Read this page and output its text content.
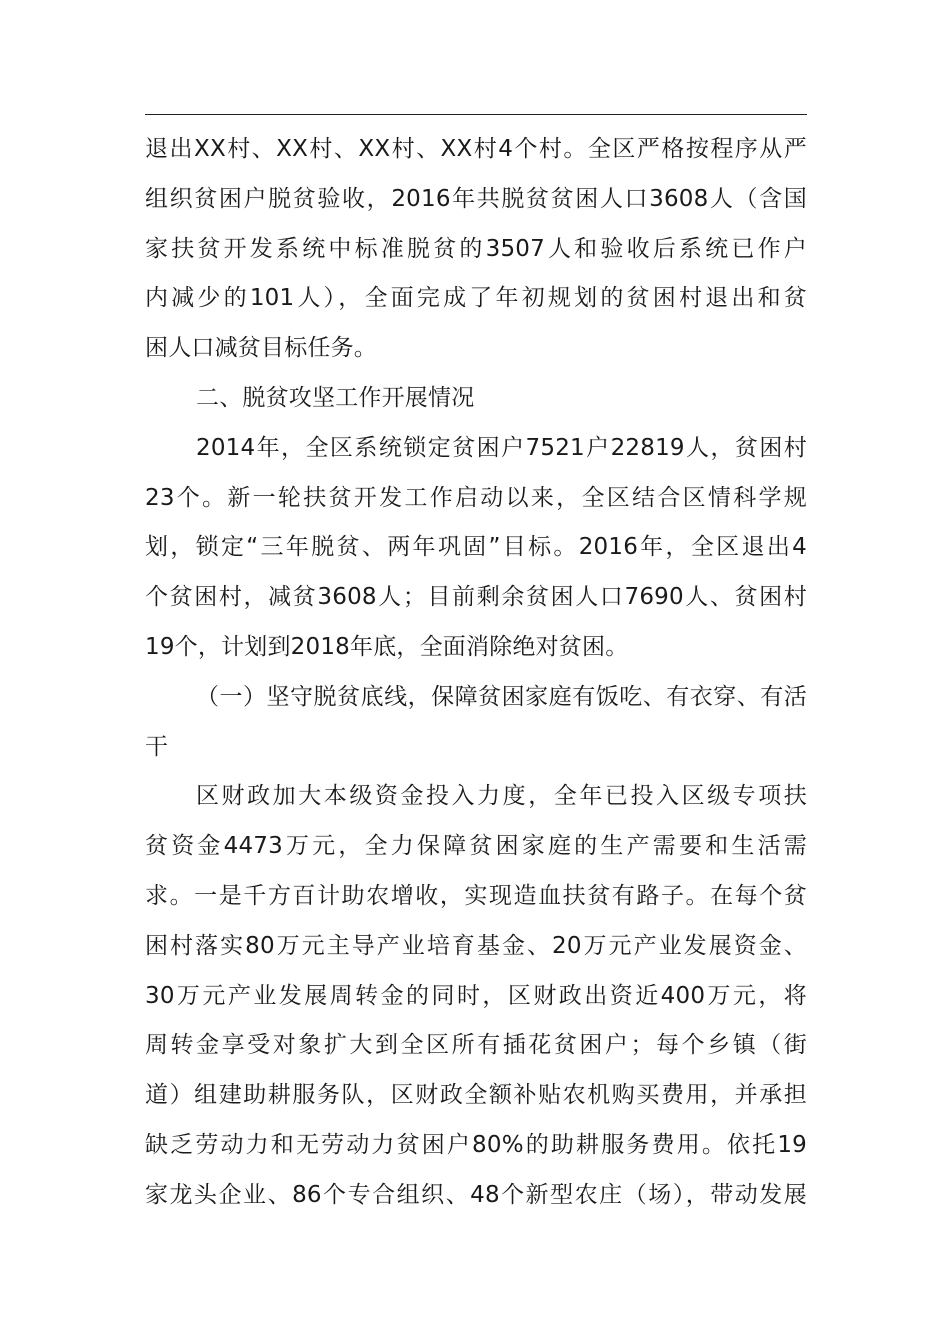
退出XX村、XX村、XX村、XX村4个村。全区严格按程序从严
组织贫困户脱贫验收，2016年共脱贫贫困人口3608人（含国
家扶贫开发系统中标准脱贫的3507人和验收后系统已作户
内减少的101人），全面完成了年初规划的贫困村退出和贫
困人口减贫目标任务。
二、脱贫攻坚工作开展情况
2014年，全区系统锁定贫困户7521户22819人，贫困村
23个。新一轮扶贫开发工作启动以来，全区结合区情科学规
划，锁定“三年脱贫、两年巩固”目标。2016年，全区退出4
个贫困村，减贫3608人；目前剩余贫困人口7690人、贫困村
19个，计划到2018年底，全面消除绝对贫困。
（一）坚守脱贫底线，保障贫困家庭有饭吃、有衣穿、有活
干
区财政加大本级资金投入力度，全年已投入区级专项扶
贫资金4473万元，全力保障贫困家庭的生产需要和生活需
求。一是千方百计助农增收，实现造血扶贫有路子。在每个贫
困村落实80万元主导产业培育基金、20万元产业发展资金、
30万元产业发展周转金的同时，区财政出资近400万元，将
周转金享受对象扩大到全区所有插花贫困户；每个乡镇（街
道）组建助耕服务队，区财政全额补贴农机购买费用，并承担
缺乏劳动力和无劳动力贫困户80%的助耕服务费用。依托19
家龙头企业、86个专合组织、48个新型农庄（场），带动发展
